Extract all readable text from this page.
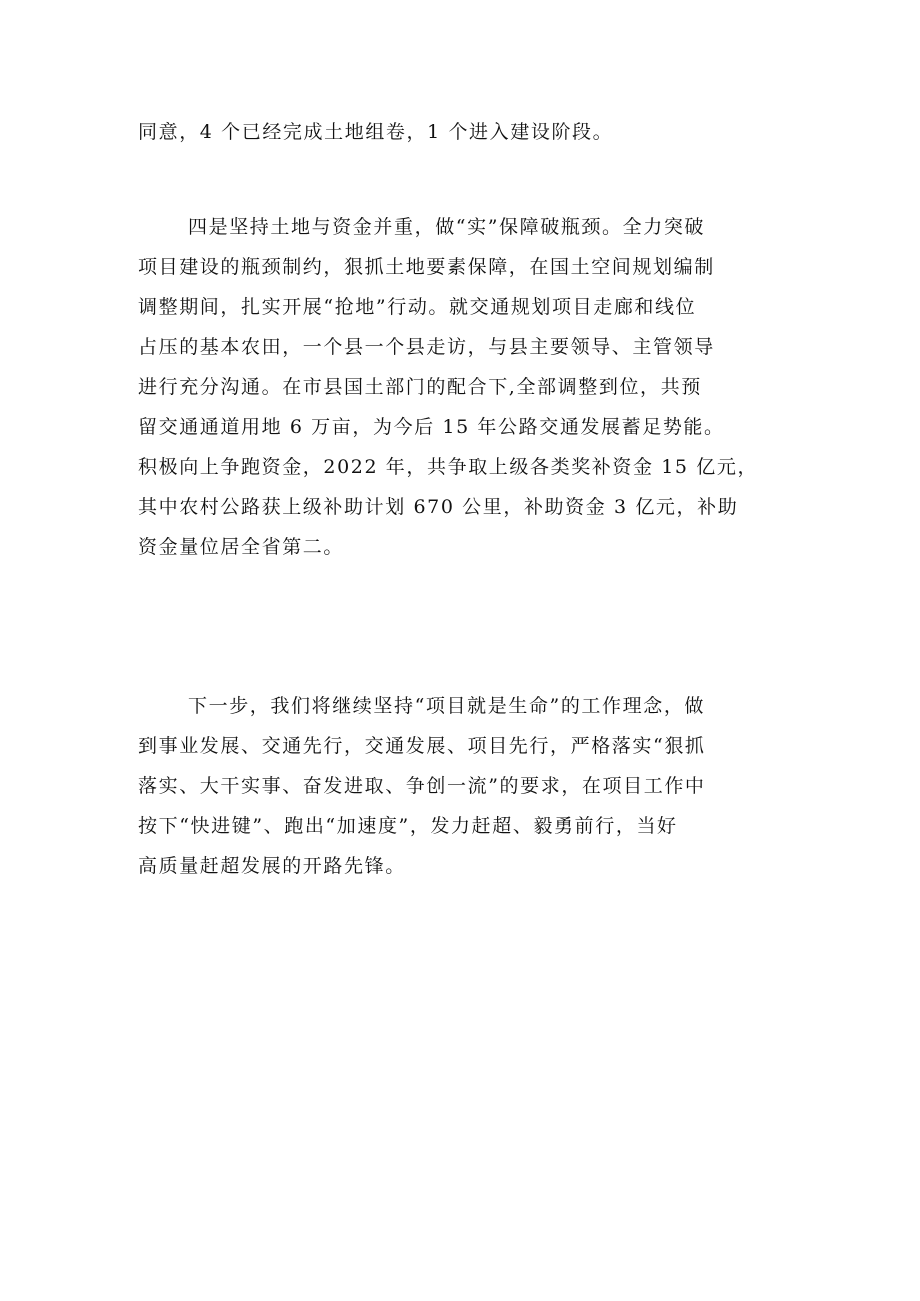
同意，4 个已经完成土地组卷，1 个进入建设阶段。

四是坚持土地与资金并重，做“实”保障破瓶颈。全力突破
项目建设的瓶颈制约，狠抓土地要素保障，在国土空间规划编制
调整期间，扎实开展“抢地”行动。就交通规划项目走廊和线位
占压的基本农田，一个县一个县走访，与县主要领导、主管领导
进行充分沟通。在市县国土部门的配合下,全部调整到位，共预
留交通通道用地 6 万亩，为今后 15 年公路交通发展蓄足势能。
积极向上争跑资金，2022 年，共争取上级各类奖补资金 15 亿元，
其中农村公路获上级补助计划 670 公里，补助资金 3 亿元，补助
资金量位居全省第二。

下一步，我们将继续坚持“项目就是生命”的工作理念，做
到事业发展、交通先行，交通发展、项目先行，严格落实“狠抓
落实、大干实事、奋发进取、争创一流”的要求，在项目工作中
按下“快进键”、跑出“加速度”，发力赶超、毅勇前行，当好
高质量赶超发展的开路先锋。
